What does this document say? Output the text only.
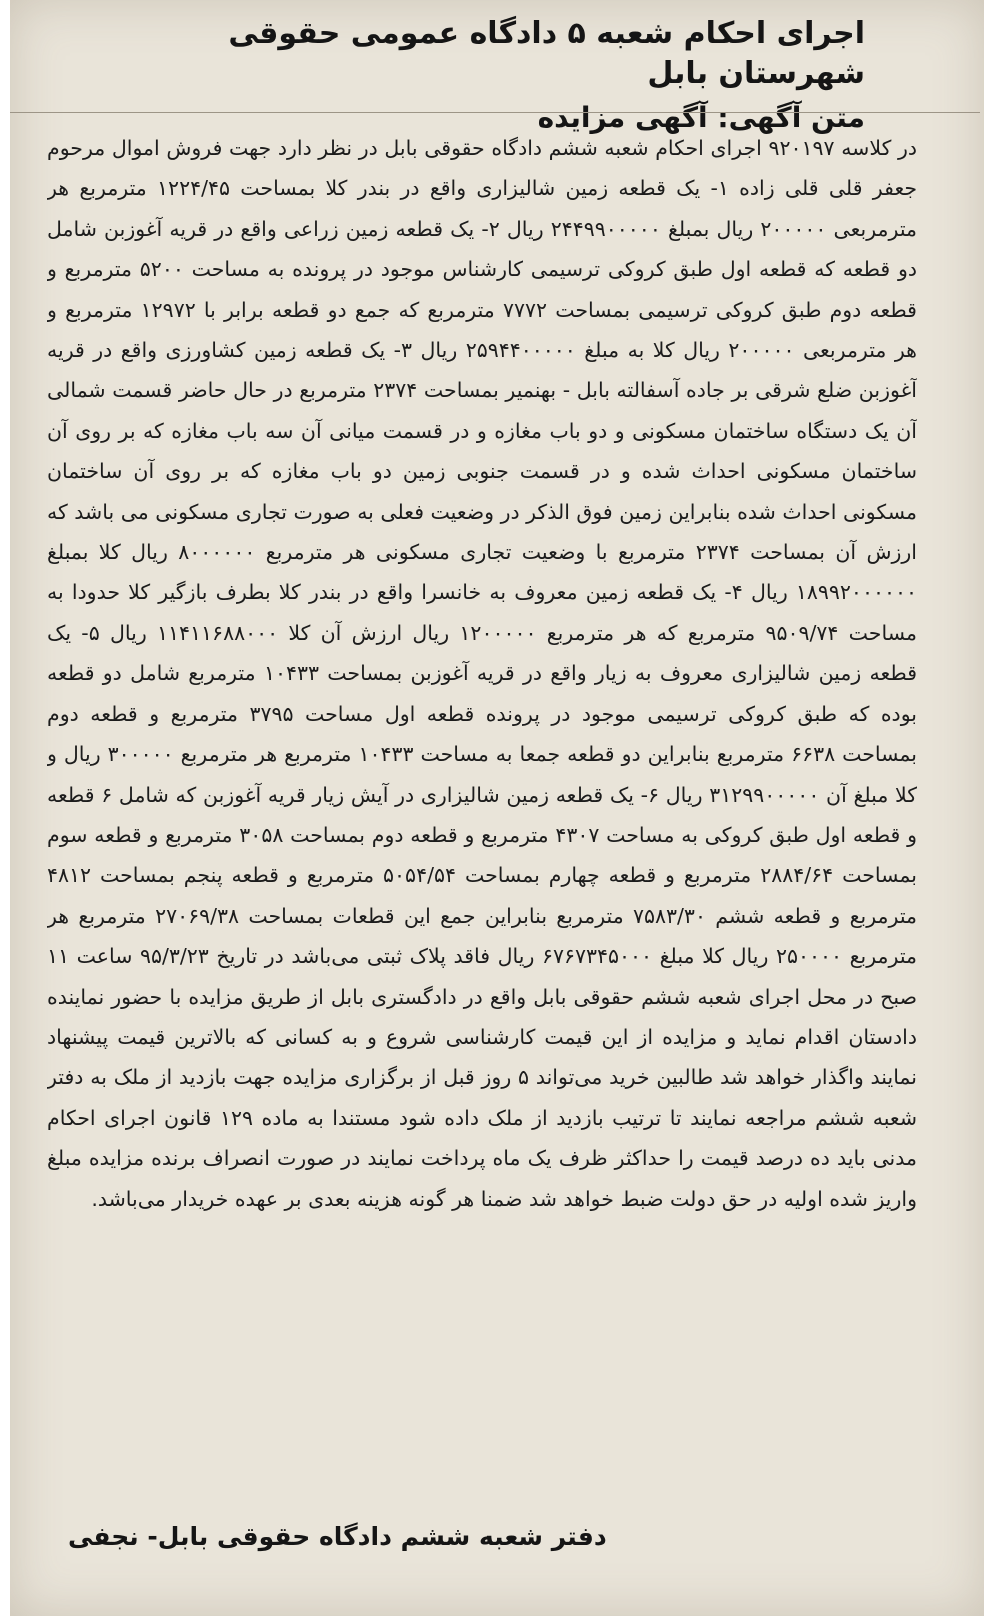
اجرای احکام شعبه ۵ دادگاه عمومی حقوقی شهرستان بابل
متن آگهی: آگهی مزایده

در کلاسه ۹۲۰۱۹۷ اجرای احکام شعبه ششم دادگاه حقوقی بابل در نظر دارد جهت فروش اموال مرحوم جعفر قلی قلی زاده ۱- یک قطعه زمین شالیزاری واقع در بندر کلا بمساحت ۱۲۲۴/۴۵ مترمربع هر مترمربعی ۲۰۰۰۰۰ ریال بمبلغ ۲۴۴۹۹۰۰۰۰۰ ریال ۲- یک قطعه زمین زراعی واقع در قریه آغوزبن شامل دو قطعه که قطعه اول طبق کروکی ترسیمی کارشناس موجود در پرونده به مساحت ۵۲۰۰ مترمربع و قطعه دوم طبق کروکی ترسیمی بمساحت ۷۷۷۲ مترمربع که جمع دو قطعه برابر با ۱۲۹۷۲ مترمربع و هر مترمربعی ۲۰۰۰۰۰ ریال کلا به مبلغ ۲۵۹۴۴۰۰۰۰۰ ریال ۳- یک قطعه زمین کشاورزی واقع در قریه آغوزبن ضلع شرقی بر جاده آسفالته بابل - بهنمیر بمساحت ۲۳۷۴ مترمربع در حال حاضر قسمت شمالی آن یک دستگاه ساختمان مسکونی و دو باب مغازه و در قسمت میانی آن سه باب مغازه که بر روی آن ساختمان مسکونی احداث شده و در قسمت جنوبی زمین دو باب مغازه که بر روی آن ساختمان مسکونی احداث شده بنابراین زمین فوق الذکر در وضعیت فعلی به صورت تجاری مسکونی می باشد که ارزش آن بمساحت ۲۳۷۴ مترمربع با وضعیت تجاری مسکونی هر مترمربع ۸۰۰۰۰۰۰ ریال کلا بمبلغ ۱۸۹۹۲۰۰۰۰۰۰ ریال ۴- یک قطعه زمین معروف به خانسرا واقع در بندر کلا بطرف بازگیر کلا حدودا به مساحت ۹۵۰۹/۷۴ مترمربع که هر مترمربع ۱۲۰۰۰۰۰ ریال ارزش آن کلا ۱۱۴۱۱۶۸۸۰۰۰ ریال ۵- یک قطعه زمین شالیزاری معروف به زیار واقع در قریه آغوزبن بمساحت ۱۰۴۳۳ مترمربع شامل دو قطعه بوده که طبق کروکی ترسیمی موجود در پرونده قطعه اول مساحت ۳۷۹۵ مترمربع و قطعه دوم بمساحت ۶۶۳۸ مترمربع بنابراین دو قطعه جمعا به مساحت ۱۰۴۳۳ مترمربع هر مترمربع ۳۰۰۰۰۰ ریال و کلا مبلغ آن ۳۱۲۹۹۰۰۰۰۰ ریال ۶- یک قطعه زمین شالیزاری در آیش زیار قریه آغوزبن که شامل ۶ قطعه و قطعه اول طبق کروکی به مساحت ۴۳۰۷ مترمربع و قطعه دوم بمساحت ۳۰۵۸ مترمربع و قطعه سوم بمساحت ۲۸۸۴/۶۴ مترمربع و قطعه چهارم بمساحت ۵۰۵۴/۵۴ مترمربع و قطعه پنجم بمساحت ۴۸۱۲ مترمربع و قطعه ششم ۷۵۸۳/۳۰ مترمربع بنابراین جمع این قطعات بمساحت ۲۷۰۶۹/۳۸ مترمربع هر مترمربع ۲۵۰۰۰۰ ریال کلا مبلغ ۶۷۶۷۳۴۵۰۰۰ ریال فاقد پلاک ثبتی می‌باشد در تاریخ ۹۵/۳/۲۳ ساعت ۱۱ صبح در محل اجرای شعبه ششم حقوقی بابل واقع در دادگستری بابل از طریق مزایده با حضور نماینده دادستان اقدام نماید و مزایده از این قیمت کارشناسی شروع و به کسانی که بالاترین قیمت پیشنهاد نمایند واگذار خواهد شد طالبین خرید می‌تواند ۵ روز قبل از برگزاری مزایده جهت بازدید از ملک به دفتر شعبه ششم مراجعه نمایند تا ترتیب بازدید از ملک داده شود مستندا به ماده ۱۲۹ قانون اجرای احکام مدنی باید ده درصد قیمت را حداکثر ظرف یک ماه پرداخت نمایند در صورت انصراف برنده مزایده مبلغ واریز شده اولیه در حق دولت ضبط خواهد شد ضمنا هر گونه هزینه بعدی بر عهده خریدار می‌باشد.

دفتر شعبه ششم دادگاه حقوقی بابل- نجفی
